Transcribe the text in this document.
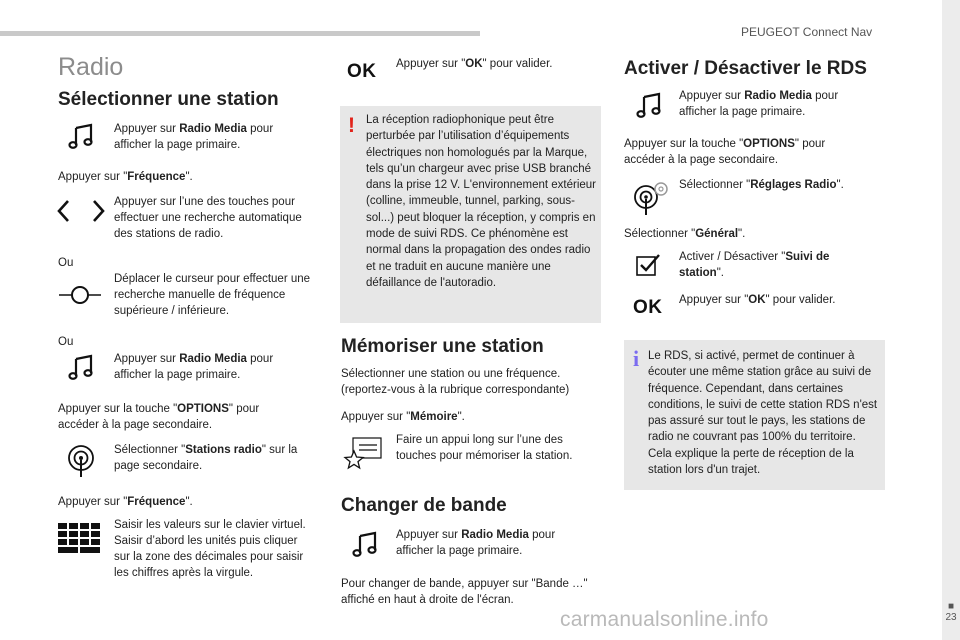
PEUGEOT Connect Nav
■
23
carmanualsonline.info
Radio
Sélectionner une station
Appuyer sur Radio Media pour afficher la page primaire.
Appuyer sur "Fréquence".
Appuyer sur l’une des touches pour effectuer une recherche automatique des stations de radio.
Ou
Déplacer le curseur pour effectuer une recherche manuelle de fréquence supérieure / inférieure.
Ou
Appuyer sur Radio Media pour afficher la page primaire.
Appuyer sur la touche "OPTIONS" pour accéder à la page secondaire.
Sélectionner "Stations radio" sur la page secondaire.
Appuyer sur "Fréquence".
Saisir les valeurs sur le clavier virtuel.
Saisir d’abord les unités puis cliquer sur la zone des décimales pour saisir les chiffres après la virgule.
OK Appuyer sur "OK" pour valider.
! La réception radiophonique peut être perturbée par l’utilisation d’équipements électriques non homologués par la Marque, tels qu’un chargeur avec prise USB branché dans la prise 12 V. L'environnement extérieur (colline, immeuble, tunnel, parking, sous-sol...) peut bloquer la réception, y compris en mode de suivi RDS. Ce phénomène est normal dans la propagation des ondes radio et ne traduit en aucune manière une défaillance de l'autoradio.
Mémoriser une station
Sélectionner une station ou une fréquence. (reportez-vous à la rubrique correspondante)
Appuyer sur "Mémoire".
Faire un appui long sur l’une des touches pour mémoriser la station.
Changer de bande
Appuyer sur Radio Media pour afficher la page primaire.
Pour changer de bande, appuyer sur "Bande …" affiché en haut à droite de l'écran.
Activer / Désactiver le RDS
Appuyer sur Radio Media pour afficher la page primaire.
Appuyer sur la touche "OPTIONS" pour accéder à la page secondaire.
Sélectionner "Réglages Radio".
Sélectionner "Général".
Activer / Désactiver "Suivi de station".
OK Appuyer sur "OK" pour valider.
i Le RDS, si activé, permet de continuer à écouter une même station grâce au suivi de fréquence. Cependant, dans certaines conditions, le suivi de cette station RDS n'est pas assuré sur tout le pays, les stations de radio ne couvrant pas 100% du territoire. Cela explique la perte de réception de la station lors d'un trajet.
